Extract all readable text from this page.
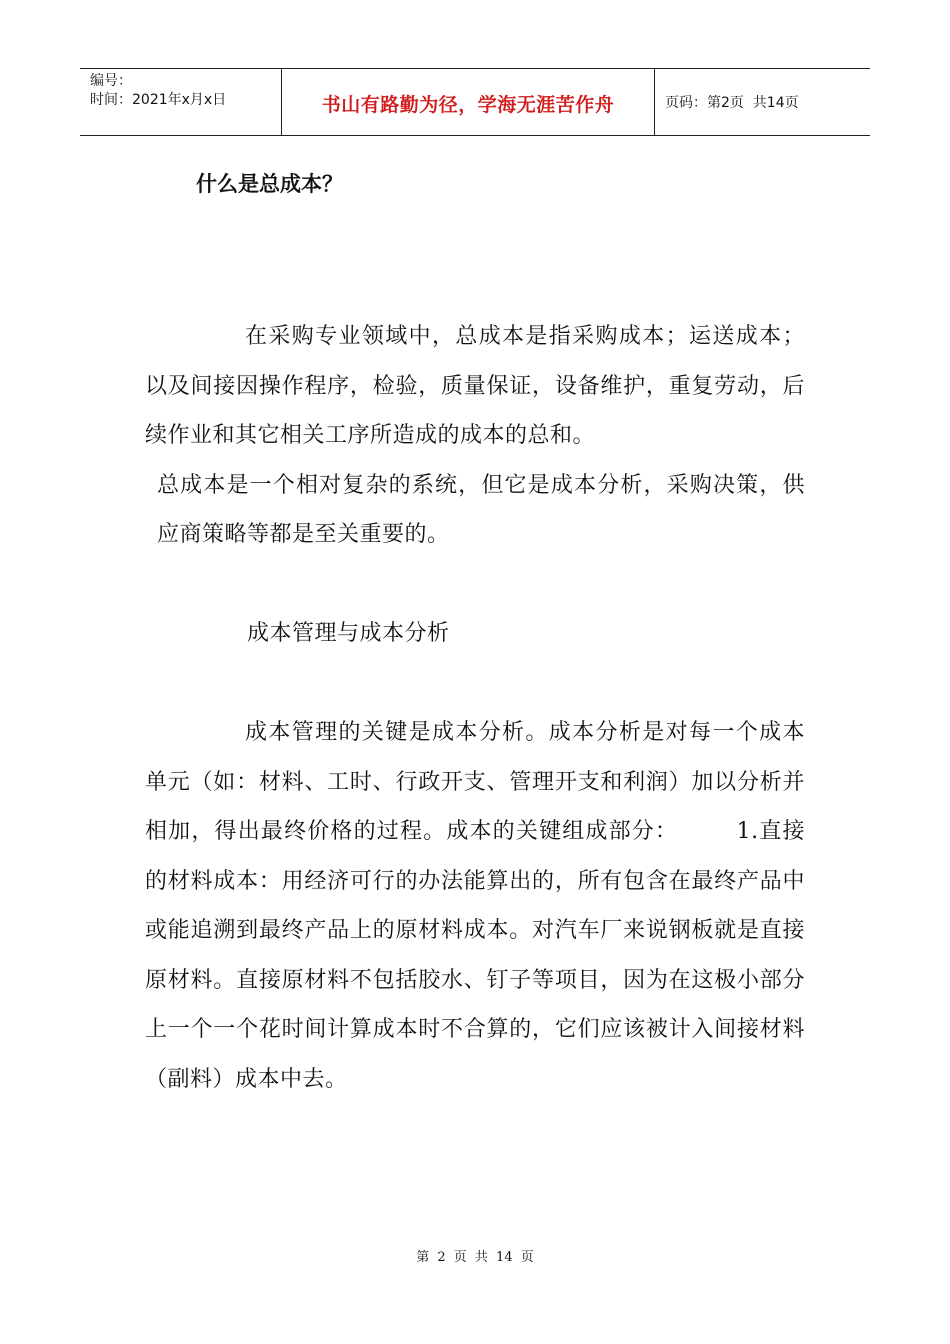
编号：
时间：2021年x月x日	书山有路勤为径，学海无涯苦作舟	页码：第2页  共14页
什么是总成本？

在采购专业领域中，总成本是指采购成本；运送成本；以及间接因操作程序，检验，质量保证，设备维护，重复劳动，后续作业和其它相关工序所造成的成本的总和。

总成本是一个相对复杂的系统，但它是成本分析，采购决策，供应商策略等都是至关重要的。

成本管理与成本分析

成本管理的关键是成本分析。成本分析是对每一个成本单元（如：材料、工时、行政开支、管理开支和利润）加以分析并相加，得出最终价格的过程。成本的关键组成部分：　　　1.直接的材料成本：用经济可行的办法能算出的，所有包含在最终产品中或能追溯到最终产品上的原材料成本。对汽车厂来说钢板就是直接原材料。直接原材料不包括胶水、钉子等项目，因为在这极小部分上一个一个花时间计算成本时不合算的，它们应该被计入间接材料（副料）成本中去。

第 2 页 共 14 页
